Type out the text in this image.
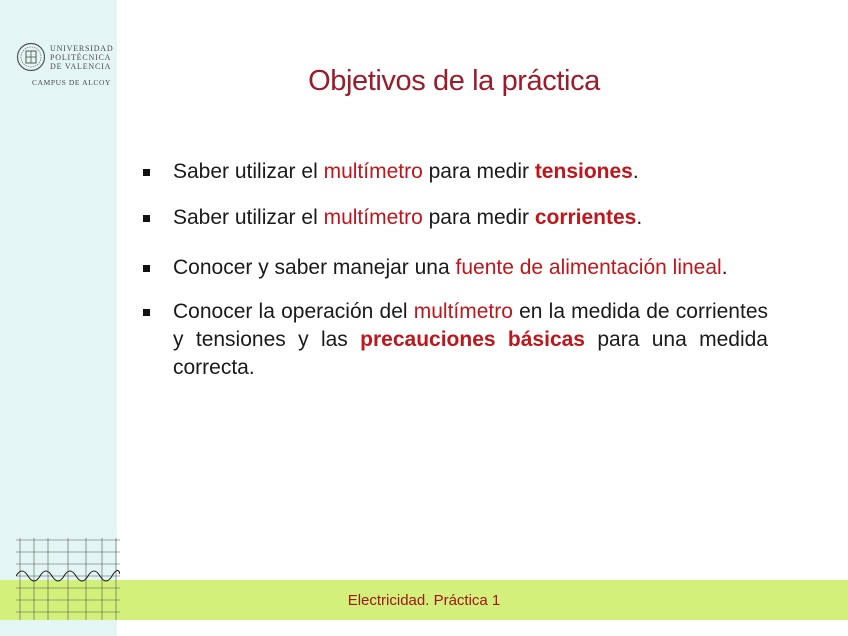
UNIVERSIDAD
POLITÉCNICA
DE VALENCIA
CAMPUS DE ALCOY	Objetivos de la práctica
Saber utilizar el multímetro para medir tensiones.
Saber utilizar el multímetro para medir corrientes.
Conocer y saber manejar una fuente de alimentación lineal.
Conocer la operación del multímetro en la medida de corrientes y tensiones y las precauciones básicas para una medida correcta.
Electricidad. Práctica 1
